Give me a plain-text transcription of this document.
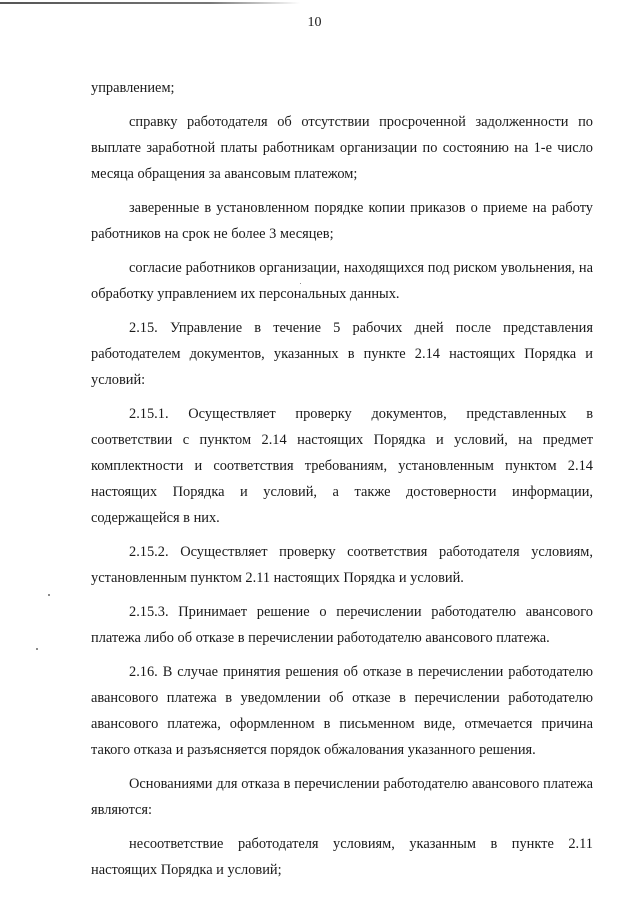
10

управлением;

справку работодателя об отсутствии просроченной задолженности по выплате заработной платы работникам организации по состоянию на 1-е число месяца обращения за авансовым платежом;

заверенные в установленном порядке копии приказов о приеме на работу работников на срок не более 3 месяцев;

согласие работников организации, находящихся под риском увольнения, на обработку управлением их персональных данных.

2.15. Управление в течение 5 рабочих дней после представления работодателем документов, указанных в пункте 2.14 настоящих Порядка и условий:

2.15.1. Осуществляет проверку документов, представленных в соответствии с пунктом 2.14 настоящих Порядка и условий, на предмет комплектности и соответствия требованиям, установленным пунктом 2.14 настоящих Порядка и условий, а также достоверности информации, содержащейся в них.

2.15.2. Осуществляет проверку соответствия работодателя условиям, установленным пунктом 2.11 настоящих Порядка и условий.

2.15.3. Принимает решение о перечислении работодателю авансового платежа либо об отказе в перечислении работодателю авансового платежа.

2.16. В случае принятия решения об отказе в перечислении работодателю авансового платежа в уведомлении об отказе в перечислении работодателю авансового платежа, оформленном в письменном виде, отмечается причина такого отказа и разъясняется порядок обжалования указанного решения.

Основаниями для отказа в перечислении работодателю авансового платежа являются:

несоответствие работодателя условиям, указанным в пункте 2.11 настоящих Порядка и условий;
